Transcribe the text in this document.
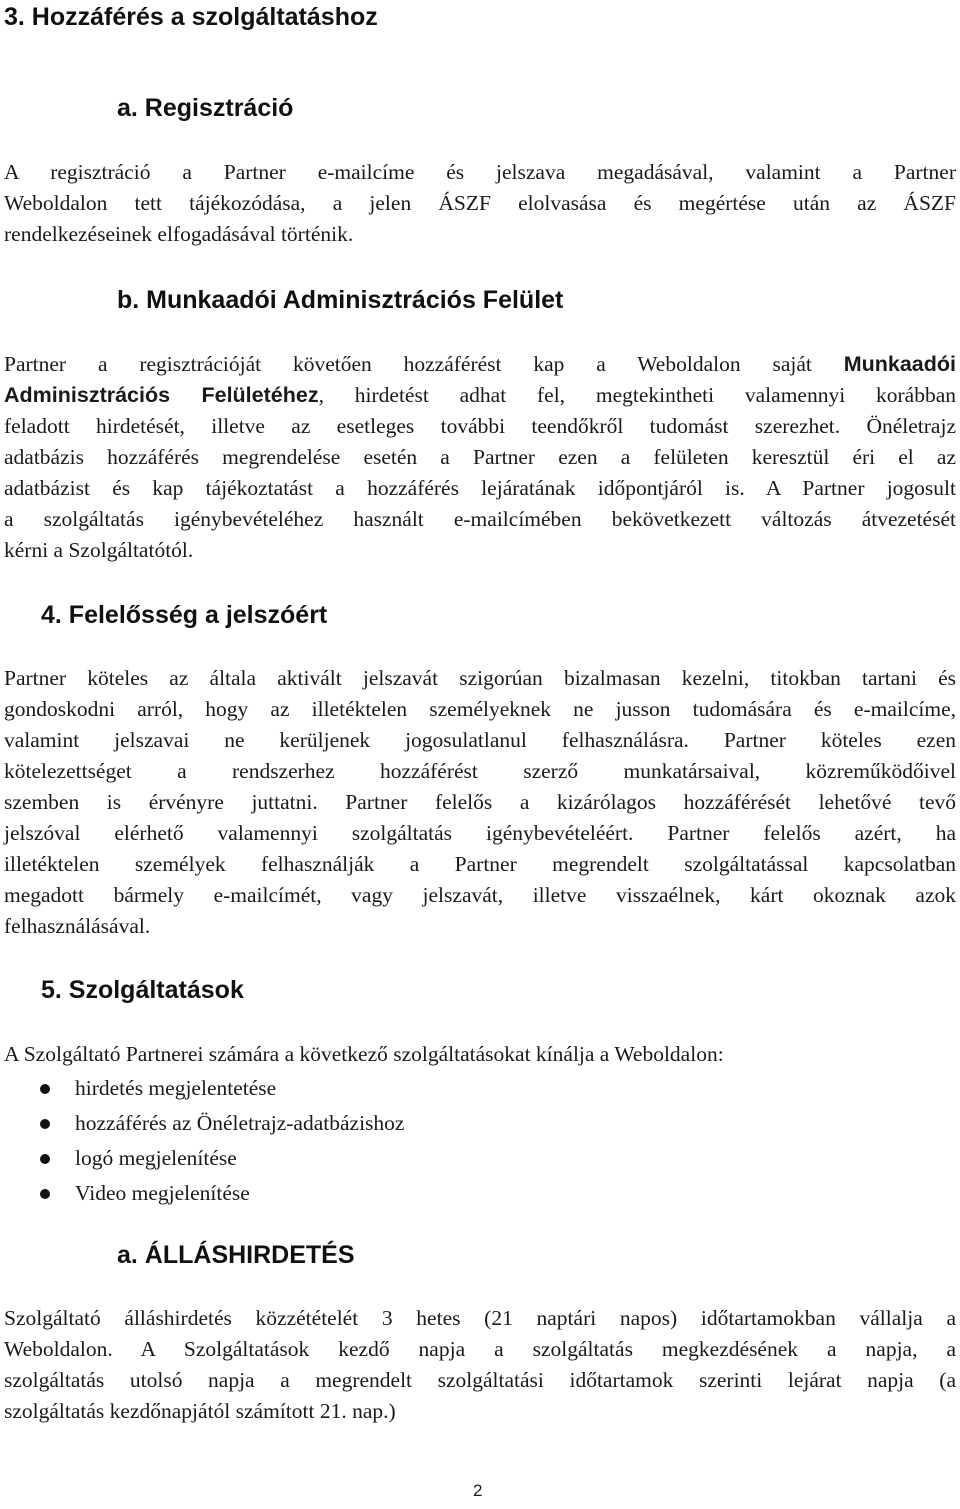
3. Hozzáférés a szolgáltatáshoz
a. Regisztráció
A regisztráció a Partner e-mailcíme és jelszava megadásával, valamint a Partner
Weboldalon tett tájékozódása, a jelen ÁSZF elolvasása és megértése után az ÁSZF
rendelkezéseinek elfogadásával történik.
b. Munkaadói Adminisztrációs Felület
Partner a regisztrációját követően hozzáférést kap a Weboldalon saját Munkaadói
Adminisztrációs Felületéhez, hirdetést adhat fel, megtekintheti valamennyi korábban
feladott hirdetését, illetve az esetleges további teendőkről tudomást szerezhet. Önéletrajz
adatbázis hozzáférés megrendelése esetén a Partner ezen a felületen keresztül éri el az
adatbázist és kap tájékoztatást a hozzáférés lejáratának időpontjáról is. A Partner jogosult
a szolgáltatás igénybevételéhez használt e-mailcímében bekövetkezett változás átvezetését
kérni a Szolgáltatótól.
4. Felelősség a jelszóért
Partner köteles az általa aktivált jelszavát szigorúan bizalmasan kezelni, titokban tartani és
gondoskodni arról, hogy az illetéktelen személyeknek ne jusson tudomására és e-mailcíme,
valamint jelszavai ne kerüljenek jogosulatlanul felhasználásra. Partner köteles ezen
kötelezettséget a rendszerhez hozzáférést szerző munkatársaival, közreműködőivel
szemben is érvényre juttatni. Partner felelős a kizárólagos hozzáférését lehetővé tevő
jelszóval elérhető valamennyi szolgáltatás igénybevételéért. Partner felelős azért, ha
illetéktelen személyek felhasználják a Partner megrendelt szolgáltatással kapcsolatban
megadott bármely e-mailcímét, vagy jelszavát, illetve visszaélnek, kárt okoznak azok
felhasználásával.
5. Szolgáltatások
A Szolgáltató Partnerei számára a következő szolgáltatásokat kínálja a Weboldalon:
hirdetés megjelentetése
hozzáférés az Önéletrajz-adatbázishoz
logó megjelenítése
Video megjelenítése
a. ÁLLÁSHIRDETÉS
Szolgáltató álláshirdetés közzétételét 3 hetes (21 naptári napos) időtartamokban vállalja a
Weboldalon. A Szolgáltatások kezdő napja a szolgáltatás megkezdésének a napja, a
szolgáltatás utolsó napja a megrendelt szolgáltatási időtartamok szerinti lejárat napja (a
szolgáltatás kezdőnapjától számított 21. nap.)
2
